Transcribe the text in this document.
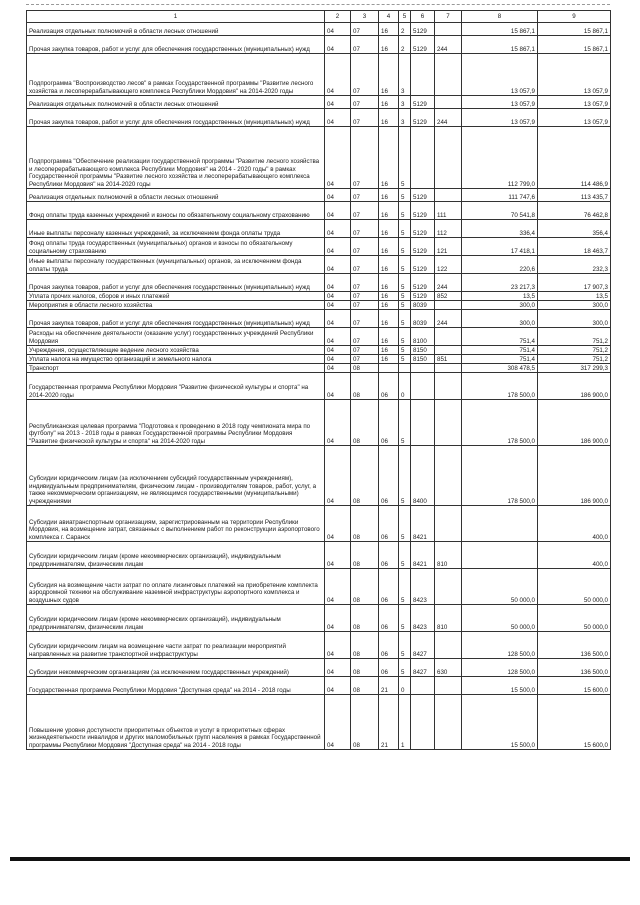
1	2	3	4	5	6	7	8	9
Реализация отдельных полномочий в области лесных отношений	04	07	16	2	5129		15 867,1	15 867,1
Прочая закупка товаров, работ и услуг для обеспечения государственных (муниципальных) нужд	04	07	16	2	5129	244	15 867,1	15 867,1
Подпрограмма "Воспроизводство лесов" в рамках Государственной программы "Развитие лесного хозяйства и лесоперерабатывающего комплекса Республики Мордовия" на 2014-2020 годы	04	07	16	3			13 057,9	13 057,9
Реализация отдельных полномочий в области лесных отношений	04	07	16	3	5129		13 057,9	13 057,9
Прочая закупка товаров, работ и услуг для обеспечения государственных (муниципальных) нужд	04	07	16	3	5129	244	13 057,9	13 057,9
Подпрограмма "Обеспечение реализации государственной программы "Развитие лесного хозяйства и лесоперерабатывающего комплекса Республики Мордовия" на 2014 - 2020 годы" в рамках Государственной программы "Развитие лесного хозяйства и лесоперерабатывающего комплекса Республики Мордовия" на 2014-2020 годы	04	07	16	5			112 799,0	114 486,9
Реализация отдельных полномочий в области лесных отношений	04	07	16	5	5129		111 747,6	113 435,7
Фонд оплаты труда казенных учреждений и взносы по обязательному социальному страхованию	04	07	16	5	5129	111	70 541,8	76 462,8
Иные выплаты персоналу казенных учреждений, за исключением фонда оплаты труда	04	07	16	5	5129	112	336,4	356,4
Фонд оплаты труда государственных (муниципальных) органов и взносы по обязательному социальному страхованию	04	07	16	5	5129	121	17 418,1	18 463,7
Иные выплаты персоналу государственных (муниципальных) органов, за исключением фонда оплаты труда	04	07	16	5	5129	122	220,6	232,3
Прочая закупка товаров, работ и услуг для обеспечения государственных (муниципальных) нужд	04	07	16	5	5129	244	23 217,3	17 907,3
Уплата прочих налогов, сборов и иных платежей	04	07	16	5	5129	852	13,5	13,5
Мероприятия в области лесного хозяйства	04	07	16	5	8039		300,0	300,0
Прочая закупка товаров, работ и услуг для обеспечения государственных (муниципальных) нужд	04	07	16	5	8039	244	300,0	300,0
Расходы на обеспечение деятельности (оказание услуг) государственных учреждений Республики Мордовия	04	07	16	5	8100		751,4	751,2
Учреждения, осуществляющие ведение лесного хозяйства	04	07	16	5	8150		751,4	751,2
Уплата налога на имущество организаций и земельного налога	04	07	16	5	8150	851	751,4	751,2
Транспорт	04	08					308 478,5	317 299,3
Государственная программа Республики Мордовия "Развитие физической культуры и спорта" на 2014-2020 годы	04	08	06	0			178 500,0	186 900,0
Республиканская целевая программа "Подготовка к проведению в 2018 году чемпионата мира по футболу" на 2013 - 2018 годы в рамках Государственной программы Республики Мордовия "Развитие физической культуры и спорта" на 2014-2020 годы	04	08	06	5			178 500,0	186 900,0
Субсидии юридическим лицам (за исключением субсидий государственным учреждениям), индивидуальным предпринимателям, физическим лицам - производителям товаров, работ, услуг, а также некоммерческим организациям, не являющимся государственными (муниципальными) учреждениями	04	08	06	5	8400		178 500,0	186 900,0
Субсидии авиатранспортным организациям, зарегистрированным на территории Республики Мордовия, на возмещение затрат, связанных с выполнением работ по реконструкции аэропортового комплекса г. Саранск	04	08	06	5	8421			400,0
Субсидии юридическим лицам (кроме некоммерческих организаций), индивидуальным предпринимателям, физическим лицам	04	08	06	5	8421	810		400,0
Субсидия на возмещение части затрат по оплате лизинговых платежей на приобретение комплекта аэродромной техники на обслуживание наземной инфраструктуры аэропортного комплекса и воздушных судов	04	08	06	5	8423		50 000,0	50 000,0
Субсидии юридическим лицам (кроме некоммерческих организаций), индивидуальным предпринимателям, физическим лицам	04	08	06	5	8423	810	50 000,0	50 000,0
Субсидии юридическим лицам на возмещение части затрат по реализации мероприятий направленных на развитие транспортной инфраструктуры	04	08	06	5	8427		128 500,0	136 500,0
Субсидии некоммерческим организациям (за исключением государственных учреждений)	04	08	06	5	8427	630	128 500,0	136 500,0
Государственная программа Республики Мордовия "Доступная среда" на 2014 - 2018 годы	04	08	21	0			15 500,0	15 600,0
Повышение уровня доступности приоритетных объектов и услуг в приоритетных сферах жизнедеятельности инвалидов и других маломобильных групп населения в рамках Государственной программы Республики Мордовия "Доступная среда" на 2014 - 2018 годы	04	08	21	1			15 500,0	15 600,0
